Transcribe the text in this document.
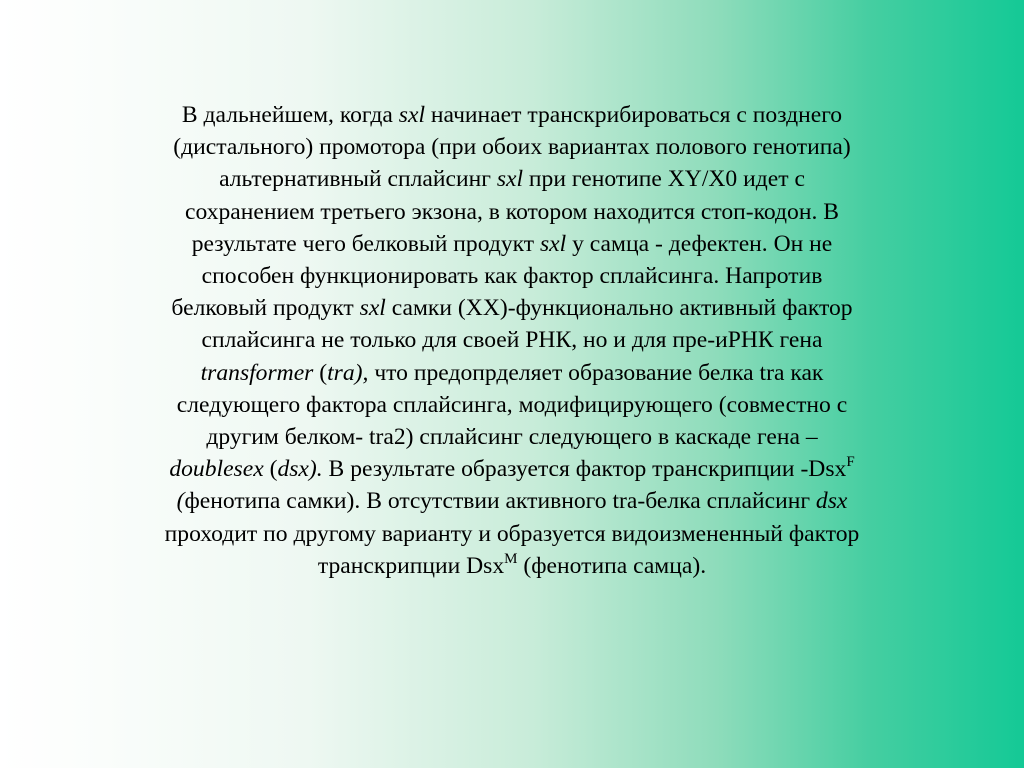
В дальнейшем, когда sxl начинает транскрибироваться с позднего
(дистального) промотора (при обоих вариантах полового генотипа)
альтернативный сплайсинг sxl при генотипе XY/X0 идет с
сохранением третьего экзона, в котором находится стоп-кодон. В
результате чего белковый продукт sxl у самца - дефектен. Он не
способен функционировать как фактор сплайсинга. Напротив
белковый продукт sxl самки (XX)-функционально активный фактор
сплайсинга не только для своей РНК, но и для пре-иРНК гена
transformer (tra), что предопрделяет образование белка tra как
следующего фактора сплайсинга, модифицирующего (совместно с
другим белком- tra2) сплайсинг следующего в каскаде гена –
doublesex (dsx). В результате образуется фактор транскрипции -Dsx$^F$
(фенотипа самки). В отсутствии активного tra-белка сплайсинг dsx
проходит по другому варианту и образуется видоизмененный фактор
транскрипции Dsx$^M$ (фенотипа самца).
